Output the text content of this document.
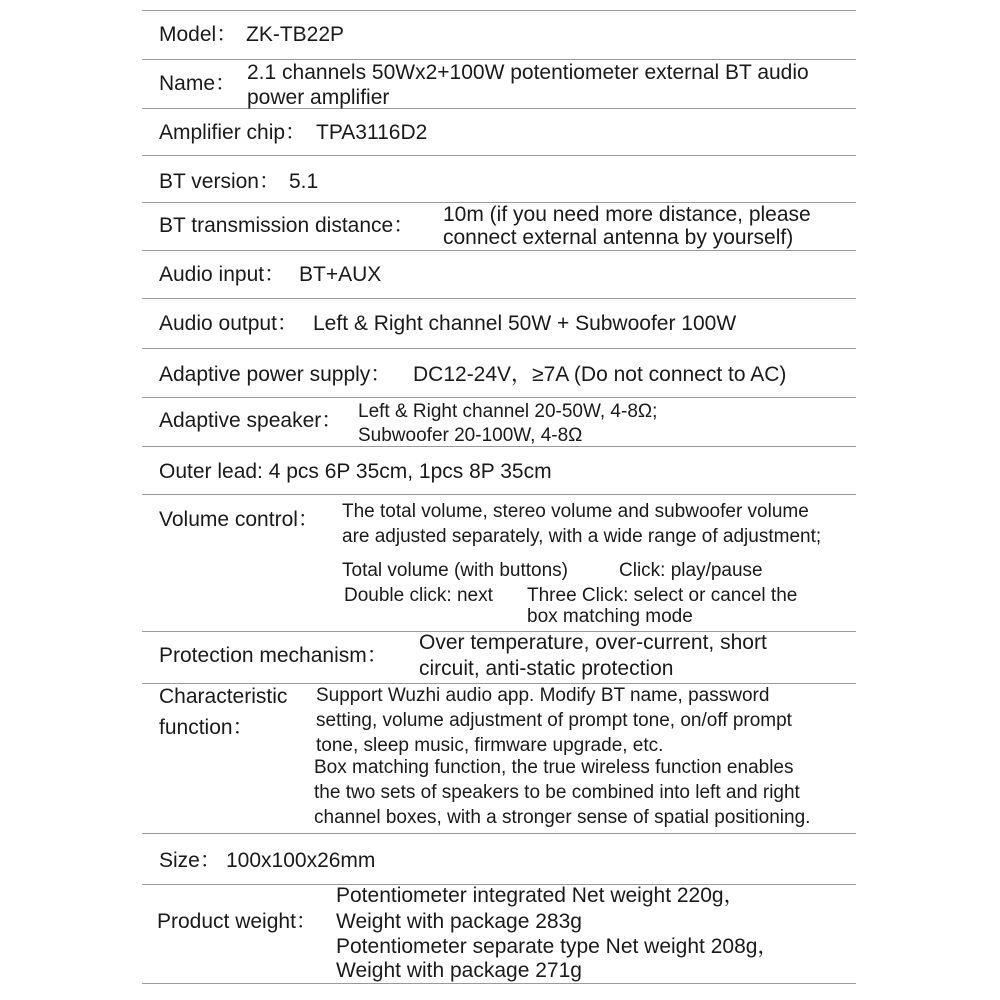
Model： ZK-TB22P
Name： 2.1 channels 50Wx2+100W potentiometer external BT audio
power amplifier
Amplifier chip： TPA3116D2
BT version： 5.1
BT transmission distance： 10m (if you need more distance, please
connect external antenna by yourself)
Audio input： BT+AUX
Audio output： Left & Right channel 50W + Subwoofer 100W
Adaptive power supply： DC12-24V，≥7A (Do not connect to AC)
Adaptive speaker： Left & Right channel 20-50W, 4-8Ω;
Subwoofer 20-100W, 4-8Ω
Outer lead: 4 pcs 6P 35cm, 1pcs 8P 35cm
Volume control： The total volume, stereo volume and subwoofer volume
are adjusted separately, with a wide range of adjustment;
Total volume (with buttons)	Click: play/pause
Double click: next Three Click: select or cancel the
box matching mode
Protection mechanism：
Over temperature, over-current, short
circuit, anti-static protection
Characteristic
function：
Support Wuzhi audio app. Modify BT name, password
setting, volume adjustment of prompt tone, on/off prompt
tone, sleep music, firmware upgrade, etc.
Box matching function, the true wireless function enables
the two sets of speakers to be combined into left and right
channel boxes, with a stronger sense of spatial positioning.
Size： 100x100x26mm
Product weight：
Potentiometer integrated Net weight 220g，
Weight with package 283g
Potentiometer separate type Net weight 208g，
Weight with package 271g
